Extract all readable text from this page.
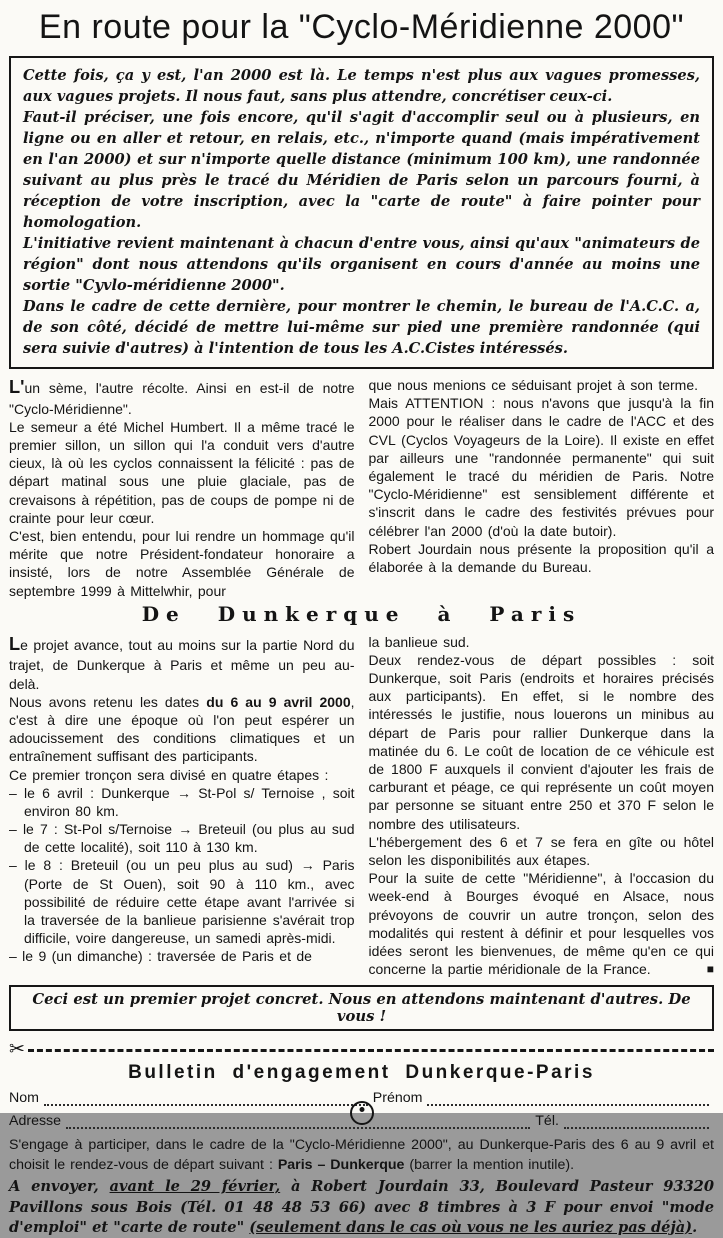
En route pour la "Cyclo-Méridienne 2000"

Cette fois, ça y est, l'an 2000 est là. Le temps n'est plus aux vagues promesses, aux vagues projets. Il nous faut, sans plus attendre, concrétiser ceux-ci.

Faut-il préciser, une fois encore, qu'il s'agit d'accomplir seul ou à plusieurs, en ligne ou en aller et retour, en relais, etc., n'importe quand (mais impérativement en l'an 2000) et sur n'importe quelle distance (minimum 100 km), une randonnée suivant au plus près le tracé du Méridien de Paris selon un parcours fourni, à réception de votre inscription, avec la "carte de route" à faire pointer pour homologation.

L'initiative revient maintenant à chacun d'entre vous, ainsi qu'aux "animateurs de région" dont nous attendons qu'ils organisent en cours d'année au moins une sortie "Cyvlo-méridienne 2000".

Dans le cadre de cette dernière, pour montrer le chemin, le bureau de l'A.C.C. a, de son côté, décidé de mettre lui-même sur pied une première randonnée (qui sera suivie d'autres) à l'intention de tous les A.C.Cistes intéressés.

L'un sème, l'autre récolte. Ainsi en est-il de notre "Cyclo-Méridienne".

Le semeur a été Michel Humbert. Il a même tracé le premier sillon, un sillon qui l'a conduit vers d'autre cieux, là où les cyclos connaissent la félicité : pas de départ matinal sous une pluie glaciale, pas de crevaisons à répétition, pas de coups de pompe ni de crainte pour leur cœur.

C'est, bien entendu, pour lui rendre un hommage qu'il mérite que notre Président-fondateur honoraire a insisté, lors de notre Assemblée Générale de septembre 1999 à Mittelwhir, pour

que nous menions ce séduisant projet à son terme.

Mais ATTENTION : nous n'avons que jusqu'à la fin 2000 pour le réaliser dans le cadre de l'ACC et des CVL (Cyclos Voyageurs de la Loire). Il existe en effet par ailleurs une "randonnée permanente" qui suit également le tracé du méridien de Paris. Notre "Cyclo-Méridienne" est sensiblement différente et s'inscrit dans le cadre des festivités prévues pour célébrer l'an 2000 (d'où la date butoir).

Robert Jourdain nous présente la proposition qu'il a élaborée à la demande du Bureau.

De Dunkerque à Paris

Le projet avance, tout au moins sur la partie Nord du trajet, de Dunkerque à Paris et même un peu au-delà.

Nous avons retenu les dates du 6 au 9 avril 2000, c'est à dire une époque où l'on peut espérer un adoucissement des conditions climatiques et un entraînement suffisant des participants.

Ce premier tronçon sera divisé en quatre étapes :

– le 6 avril : Dunkerque → St-Pol s/ Ternoise , soit environ 80 km.

– le 7 : St-Pol s/Ternoise → Breteuil (ou plus au sud de cette localité), soit 110 à 130 km.

– le 8 : Breteuil (ou un peu plus au sud) → Paris (Porte de St Ouen), soit 90 à 110 km., avec possibilité de réduire cette étape avant l'arrivée si la traversée de la banlieue parisienne s'avérait trop difficile, voire dangereuse, un samedi après-midi.

– le 9 (un dimanche) : traversée de Paris et de

la banlieue sud.

Deux rendez-vous de départ possibles : soit Dunkerque, soit Paris (endroits et horaires précisés aux participants). En effet, si le nombre des intéressés le justifie, nous louerons un minibus au départ de Paris pour rallier Dunkerque dans la matinée du 6. Le coût de location de ce véhicule est de 1800 F auxquels il convient d'ajouter les frais de carburant et péage, ce qui représente un coût moyen par personne se situant entre 250 et 370 F selon le nombre des utilisateurs.

L'hébergement des 6 et 7 se fera en gîte ou hôtel selon les disponibilités aux étapes.

Pour la suite de cette "Méridienne", à l'occasion du week-end à Bourges évoqué en Alsace, nous prévoyons de couvrir un autre tronçon, selon des modalités qui restent à définir et pour lesquelles vos idées seront les bienvenues, de même qu'en ce qui concerne la partie méridionale de la France.	■

Ceci est un premier projet concret. Nous en attendons maintenant d'autres. De vous !
✂
Bulletin d'engagement Dunkerque-Paris
Nom	Prénom
Adresse	Tél.

S'engage à participer, dans le cadre de la "Cyclo-Méridienne 2000", au Dunkerque-Paris des 6 au 9 avril et choisit le rendez-vous de départ suivant : Paris – Dunkerque (barrer la mention inutile).

A envoyer, avant le 29 février, à Robert Jourdain 33, Boulevard Pasteur 93320 Pavillons sous Bois (Tél. 01 48 48 53 66) avec 8 timbres à 3 F pour envoi "mode d'emploi" et "carte de route" (seulement dans le cas où vous ne les auriez pas déjà).
